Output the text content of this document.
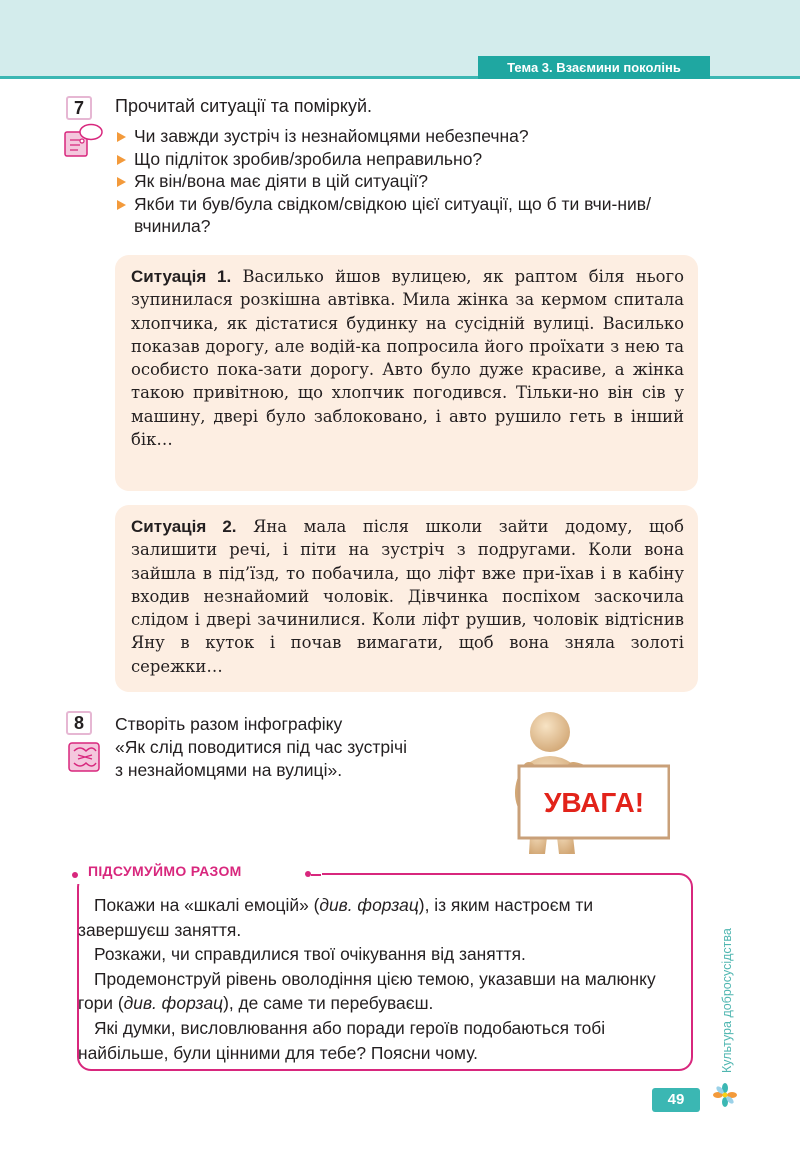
Тема 3. Взаємини поколінь
7	Прочитай ситуації та поміркуй.
Чи завжди зустріч із незнайомцями небезпечна?
Що підліток зробив/зробила неправильно?
Як він/вона має діяти в цій ситуації?
Якби ти був/була свідком/свідкою цієї ситуації, що б ти вчи-нив/вчинила?
Ситуація 1. Василько йшов вулицею, як раптом біля нього зупинилася розкішна автівка. Мила жінка за кермом спитала хлопчика, як дістатися будинку на сусідній вулиці. Василько показав дорогу, але водій-ка попросила його проїхати з нею та особисто пока-зати дорогу. Авто було дуже красиве, а жінка такою привітною, що хлопчик погодився. Тільки-но він сів у машину, двері було заблоковано, і авто рушило геть в інший бік…
Ситуація 2. Яна мала після школи зайти додому, щоб залишити речі, і піти на зустріч з подругами. Коли вона зайшла в під’їзд, то побачила, що ліфт вже при-їхав і в кабіну входив незнайомий чоловік. Дівчинка поспіхом заскочила слідом і двері зачинилися. Коли ліфт рушив, чоловік відтіснив Яну в куток і почав вимагати, щоб вона зняла золоті сережки…
8	Створіть разом інфографіку
«Як слід поводитися під час зустрічі
з незнайомцями на вулиці».
УВАГА!
ПІДСУМУЙМО РАЗОМ

Покажи на «шкалі емоцій» (див. форзац), із яким настроєм ти завершуєш заняття.

Розкажи, чи справдилися твої очікування від заняття.

Продемонструй рівень оволодіння цією темою, указавши на малюнку гори (див. форзац), де саме ти перебуваєш.

Які думки, висловлювання або поради героїв подобаються тобі найбільше, були цінними для тебе? Поясни чому.	Культура добросусідства
49
